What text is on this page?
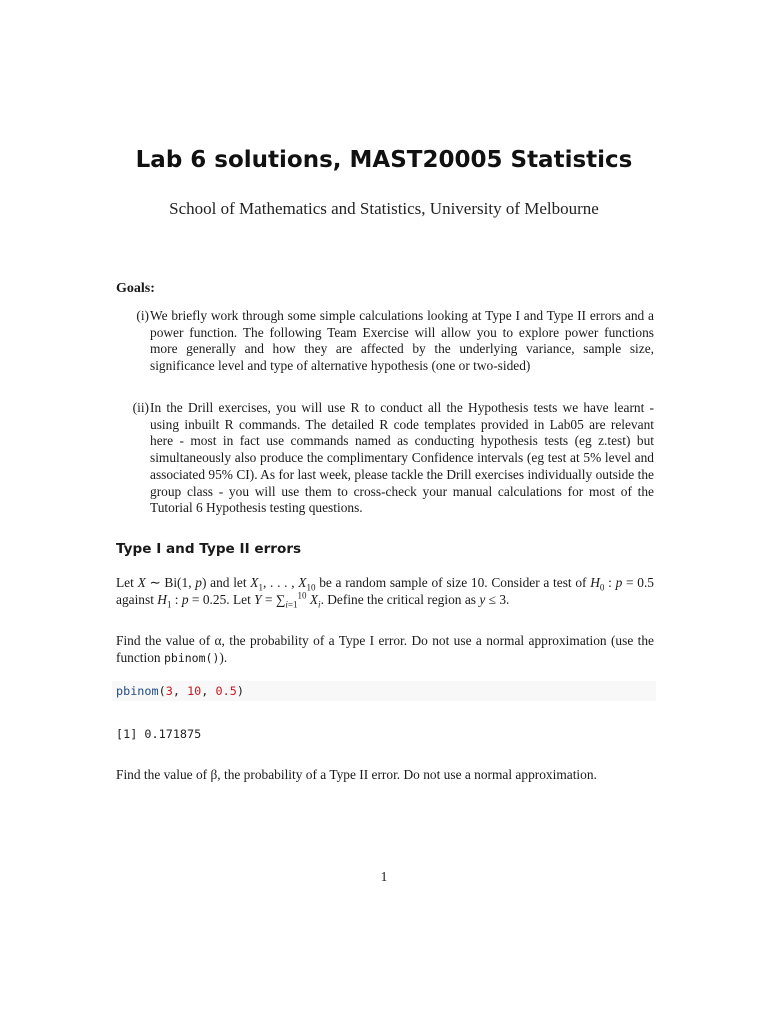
Lab 6 solutions, MAST20005 Statistics
School of Mathematics and Statistics, University of Melbourne
Goals:
(i) We briefly work through some simple calculations looking at Type I and Type II errors and a power function. The following Team Exercise will allow you to explore power functions more generally and how they are affected by the underlying variance, sample size, significance level and type of alternative hypothesis (one or two-sided)
(ii) In the Drill exercises, you will use R to conduct all the Hypothesis tests we have learnt - using inbuilt R commands. The detailed R code templates provided in Lab05 are relevant here - most in fact use commands named as conducting hypothesis tests (eg z.test) but simultaneously also produce the complimentary Confidence intervals (eg test at 5% level and associated 95% CI). As for last week, please tackle the Drill exercises individually outside the group class - you will use them to cross-check your manual calculations for most of the Tutorial 6 Hypothesis testing questions.
Type I and Type II errors
Let X ∼ Bi(1, p) and let $X_1$, . . . , $X_{10}$ be a random sample of size 10. Consider a test of $H_0$ : p = 0.5 against $H_1$ : p = 0.25. Let $Y = \sum_{i=1}^{10}$ $X_i$. Define the critical region as y ≤ 3.
Find the value of α, the probability of a Type I error. Do not use a normal approximation (use the function pbinom()).
pbinom(3, 10, 0.5)
[1] 0.171875
Find the value of β, the probability of a Type II error. Do not use a normal approximation.
1
